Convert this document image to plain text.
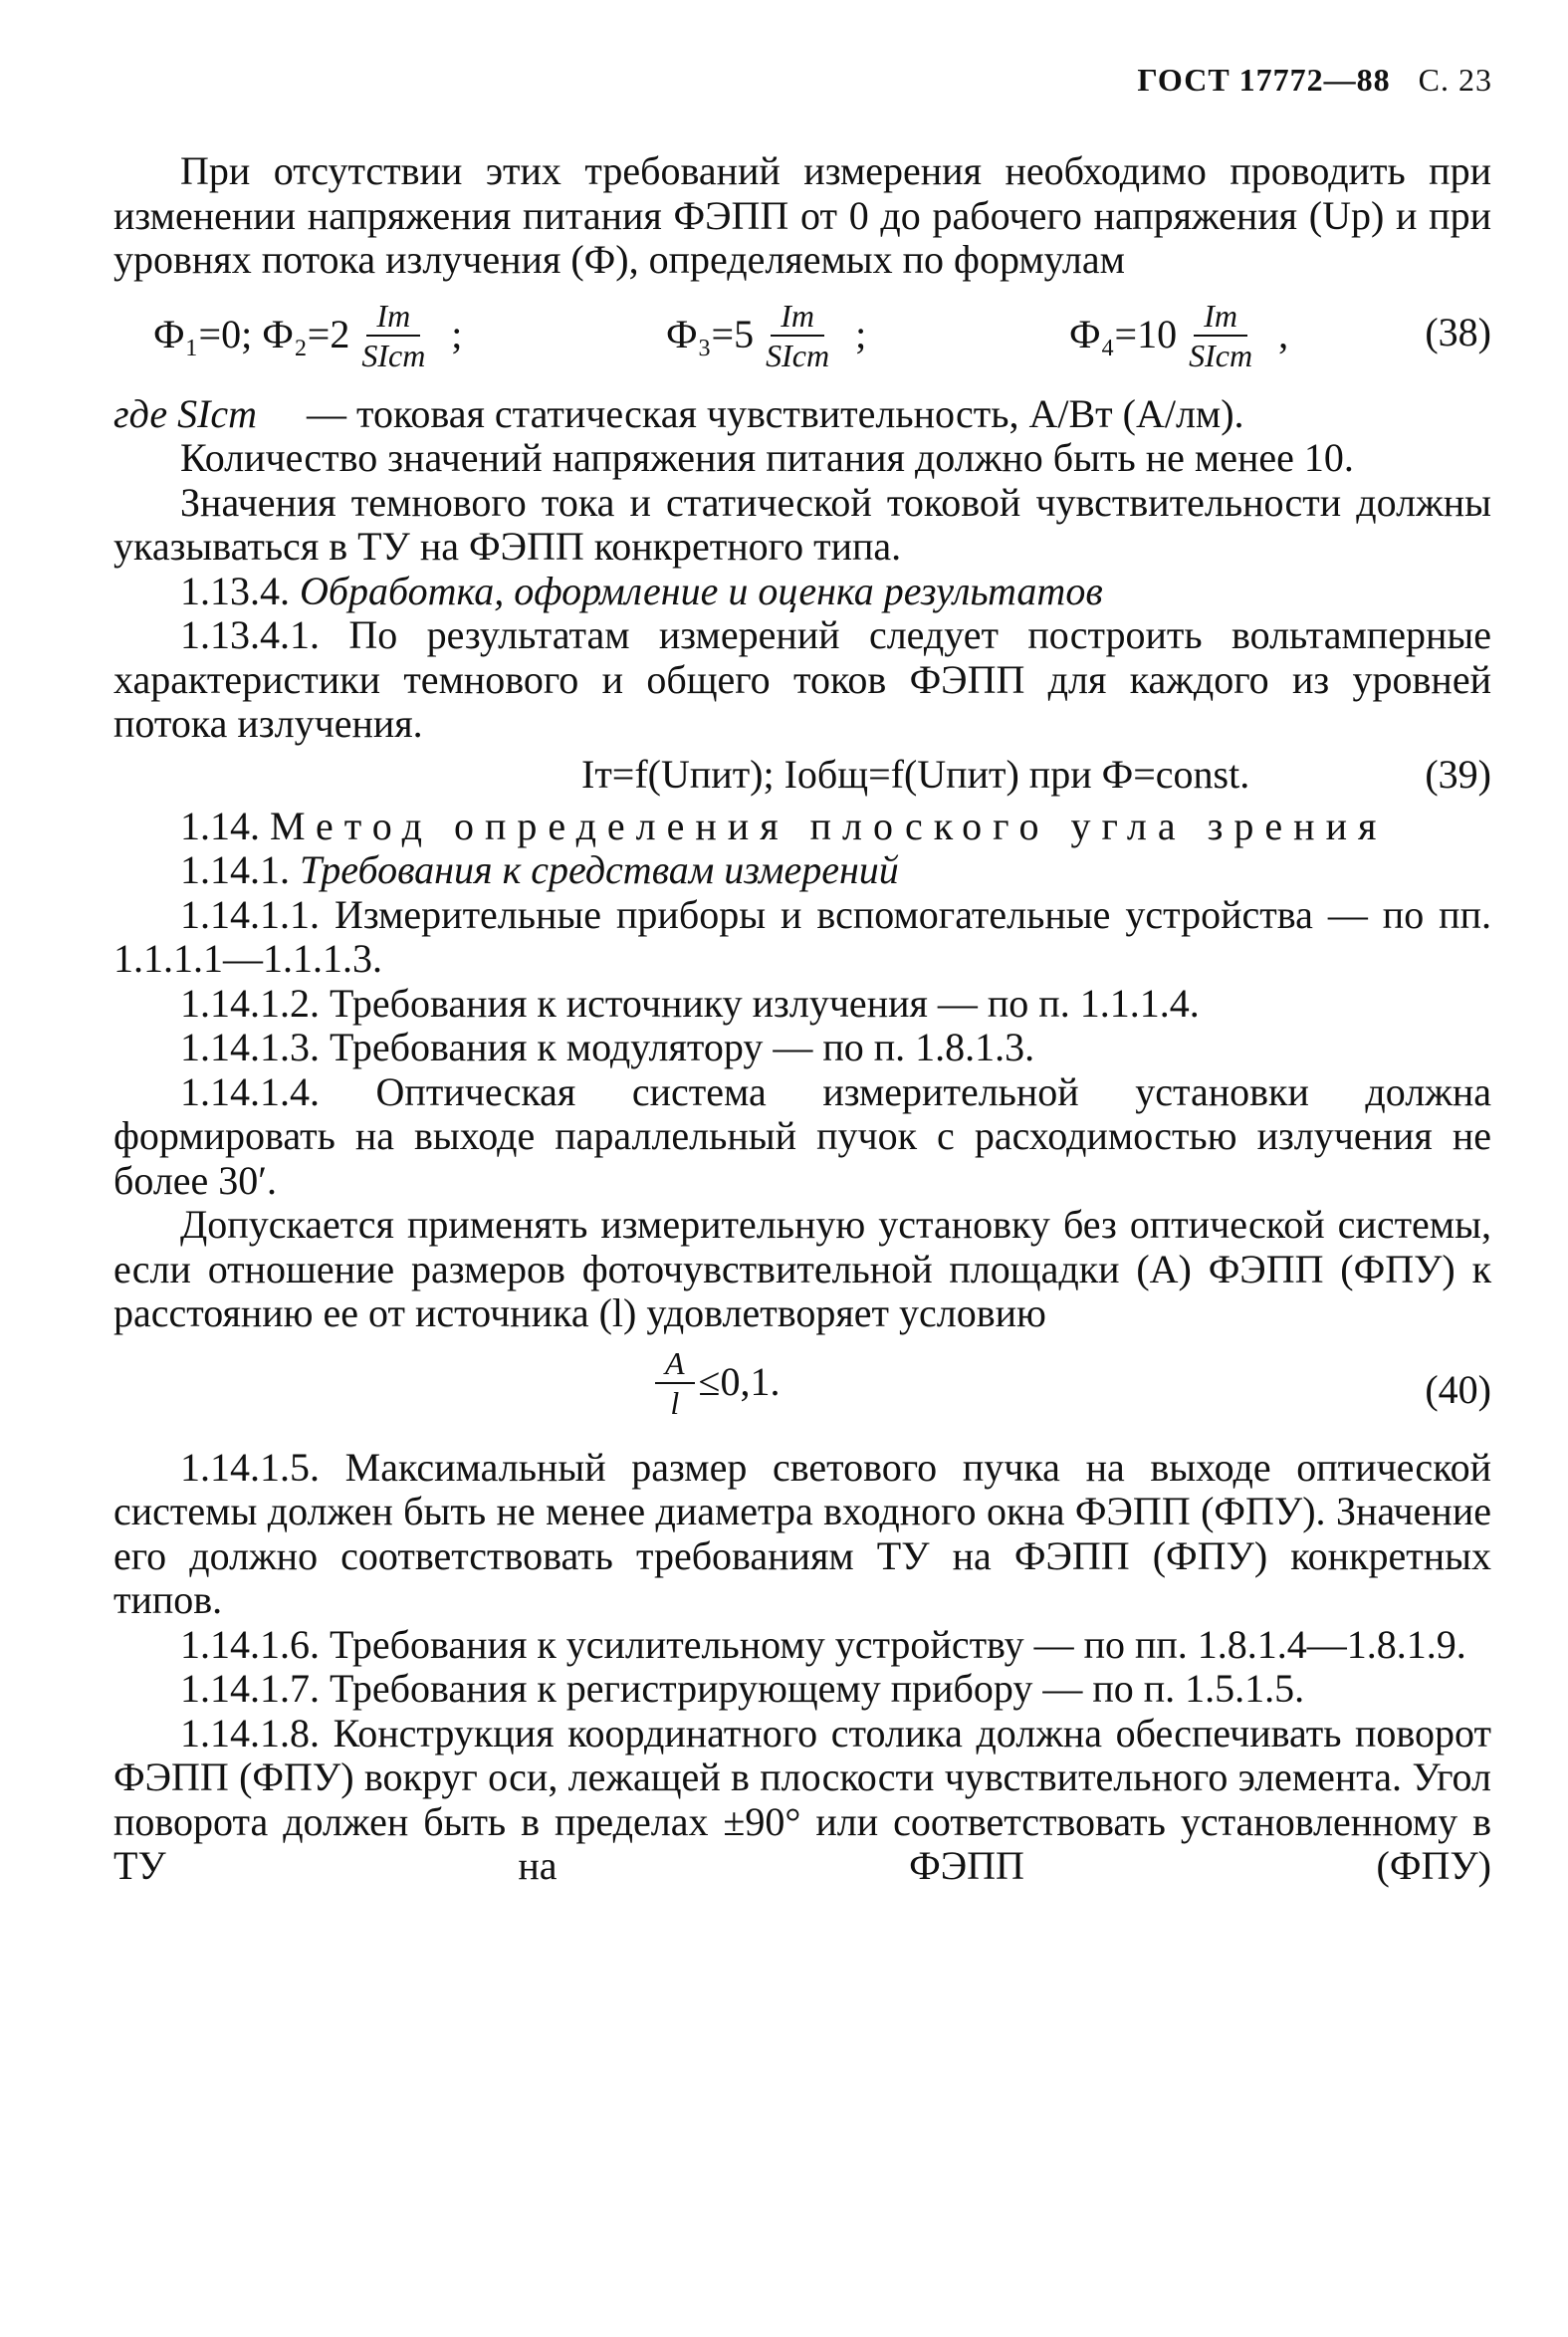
ГОСТ 17772—88 С. 23

При отсутствии этих требований измерения необходимо проводить при изменении напряжения питания ФЭПП от 0 до рабочего напряжения (Uр) и при уровнях потока излучения (Ф), определяемых по формулам

Ф₁=0; $Ф_2=2 \frac{Iт}{\text{SIст}}$ ;	$Ф_3=5 \frac{Iт}{\text{SIст}}$ ;	$Ф_4=10 \frac{Iт}{\text{SIст}}$ ,	(38)

где SIст — токовая статическая чувствительность, А/Вт (А/лм).

Количество значений напряжения питания должно быть не менее 10.

Значения темнового тока и статической токовой чувствительности должны указываться в ТУ на ФЭПП конкретного типа.

1.13.4. Обработка, оформление и оценка результатов

1.13.4.1. По результатам измерений следует построить вольтамперные характеристики темнового и общего токов ФЭПП для каждого из уровней потока излучения.

Iт=f(Uпит); Iобщ=f(Uпит) при Ф=const.	(39)

1.14. Метод определения плоского угла зрения

1.14.1. Требования к средствам измерений

1.14.1.1. Измерительные приборы и вспомогательные устройства — по пп. 1.1.1.1—1.1.1.3.

1.14.1.2. Требования к источнику излучения — по п. 1.1.1.4.

1.14.1.3. Требования к модулятору — по п. 1.8.1.3.

1.14.1.4. Оптическая система измерительной установки должна формировать на выходе параллельный пучок с расходимостью излучения не более 30′.

Допускается применять измерительную установку без оптической системы, если отношение размеров фоточувствительной площадки (А) ФЭПП (ФПУ) к расстоянию ее от источника (l) удовлетворяет условию

$\frac{A}{l} \le 0,1$.	(40)

1.14.1.5. Максимальный размер светового пучка на выходе оптической системы должен быть не менее диаметра входного окна ФЭПП (ФПУ). Значение его должно соответствовать требованиям ТУ на ФЭПП (ФПУ) конкретных типов.

1.14.1.6. Требования к усилительному устройству — по пп. 1.8.1.4—1.8.1.9.

1.14.1.7. Требования к регистрирующему прибору — по п. 1.5.1.5.

1.14.1.8. Конструкция координатного столика должна обеспечивать поворот ФЭПП (ФПУ) вокруг оси, лежащей в плоскости чувствительного элемента. Угол поворота должен быть в пределах ±90° или соответствовать установленному в ТУ на ФЭПП (ФПУ)
